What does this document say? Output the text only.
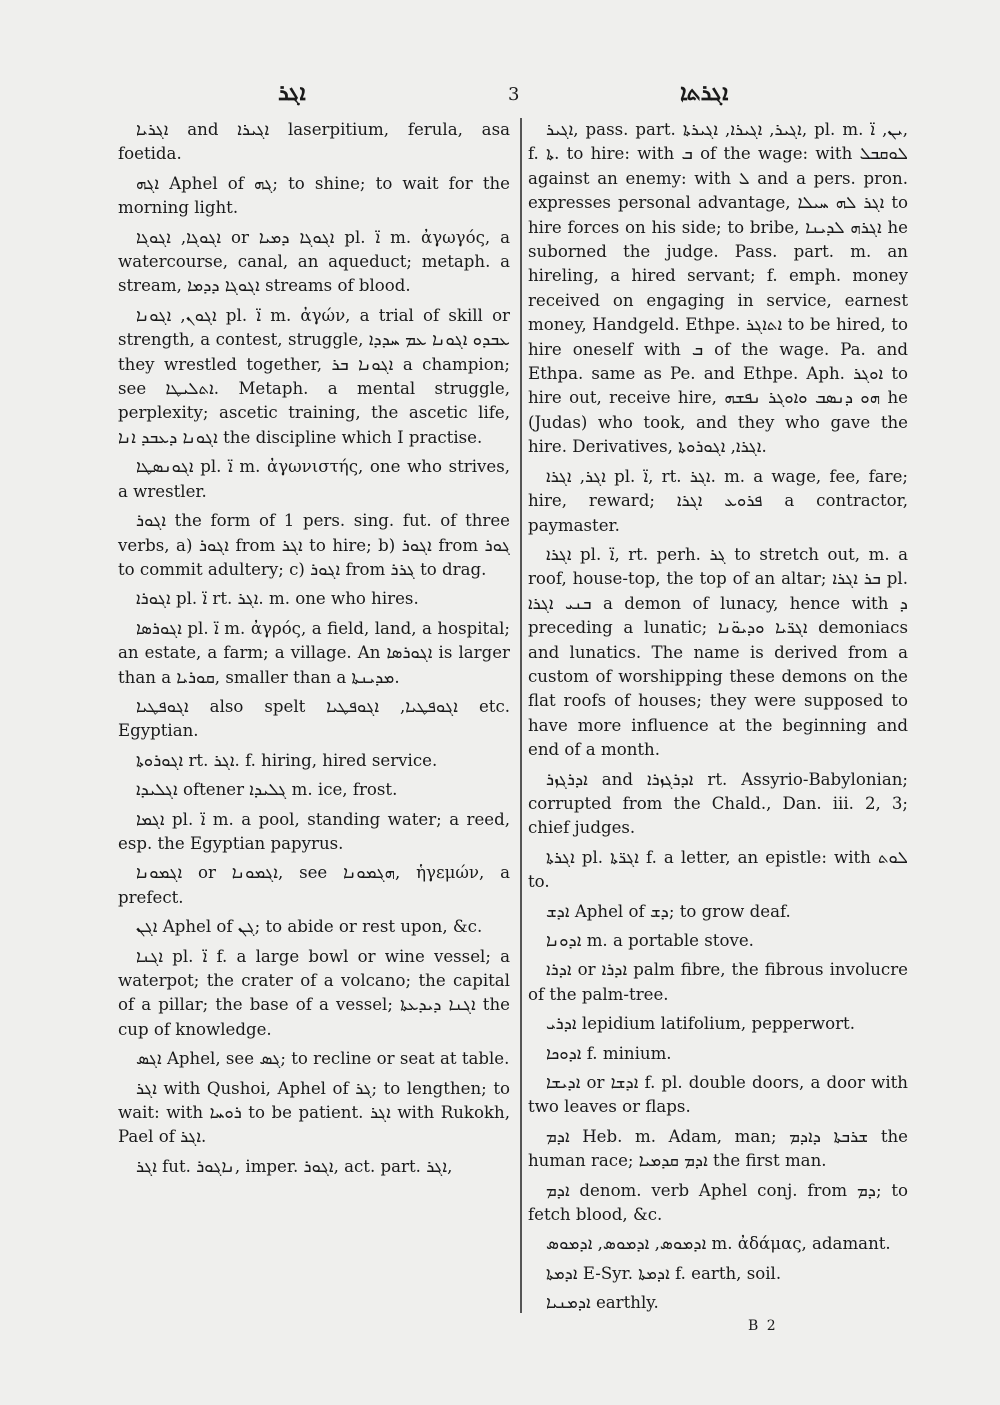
ܐܓܪ	3	ܐܓܪܬܐ

ܐܓܪܝܐ and ܐܓܝܪܐ laserpitium, ferula, asa foetida.

ܐܓܗ Aphel of ܓܗ; to shine; to wait for the morning light.

ܐܓܘܓܐ, ܐܓܘܓܐ or ܐܓܘܓܐ ܕܡܝܐ pl. ܐ̈ m. ἀγωγός, a watercourse, canal, an aqueduct; metaph. a stream, ܐܓܘܓܐ ܕܕܡܐ streams of blood.

ܐܓܘܢ, ܐܓܘܢܐ pl. ܐ̈ m. ἀγών, a trial of skill or strength, a contest, struggle, ܥܒܕܘ ܐܓܘܢܐ ܥܡ ܚܕܕܐ they wrestled together, ܐܓܘܢܐ ܒܪ a champion; see ܐܬܠܝܛܐ. Metaph. a mental struggle, perplexity; ascetic training, the ascetic life, ܐܓܘܢܐ ܕܥܒܕ ܐܢܐ the discipline which I practise.

ܐܓܘܢܣܛܐ pl. ܐ̈ m. ἀγωνιστής, one who strives, a wrestler.

ܐܓܘܪ the form of 1 pers. sing. fut. of three verbs, a) ܐܓܘܪ from ܐܓܪ to hire; b) ܐܓܘܪ from ܓܘܪ to commit adultery; c) ܐܓܘܪ from ܓܪܪ to drag.

ܐܓܘܪܐ pl. ܐ̈ rt. ܐܓܪ. m. one who hires.

ܐܓܘܪܣܐ pl. ܐ̈ m. ἀγρός, a field, land, a hospital; an estate, a farm; a village. An ܐܓܘܪܣܐ is larger than a ܩܘܪܝܐ, smaller than a ܡܕܝܢܬܐ.

ܐܓܘܦܛܝܐ also spelt ܐܓܘܦܛܝܐ, ܐܓܘܦܛܝܐ etc. Egyptian.

ܐܓܘܪܘܬܐ rt. ܐܓܪ. f. hiring, hired service.

ܐܓܠܝܕܐ oftener ܓܠܝܕܐ m. ice, frost.

ܐܓܡܐ pl. ܐ̈ m. a pool, standing water; a reed, esp. the Egyptian papyrus.

ܐܓܡܘܢܐ or ܐܓܡܘܢܐ, see ܗܓܡܘܢܐ, ἡγεμών, a prefect.

ܐܓܢ Aphel of ܓܢ; to abide or rest upon, &c.

ܐܓܢܐ pl. ܐ̈ f. a large bowl or wine vessel; a waterpot; the crater of a volcano; the capital of a pillar; the base of a vessel; ܐܓܢܐ ܕܝܕܥܬܐ the cup of knowledge.

ܐܓܣ Aphel, see ܓܣ; to recline or seat at table.

ܐܓܪ with Qushoi, Aphel of ܓܪ; to lengthen; to wait: with ܪܘܚܐ to be patient. ܐܓܪ with Rukokh, Pael of ܐܓܪ.

ܐܓܪ fut. ܢܐܓܘܪ, imper. ܐܓܘܪ, act. part. ܐܓܪ,

ܐܓܝܪ, pass. part. ܐܓܝܪ, ܐܓܝܪܐ, ܐܓܝܪܬܐ, pl. m. ܝܢ, ܐ̈, f. ܬܐ. to hire: with ܒ of the wage: with ܠܘܩܒܠ against an enemy: with ܠ and a pers. pron. expresses personal advantage, ܐܓܪ ܠܗ ܚܝܠܐ to hire forces on his side; to bribe, ܐܓܪܗ ܠܕܝܢܐ he suborned the judge. Pass. part. m. an hireling, a hired servant; f. emph. money received on engaging in service, earnest money, Handgeld. Ethpe. ܐܬܐܓܪ to be hired, to hire oneself with ܒ of the wage. Pa. and Ethpa. same as Pe. and Ethpe. Aph. ܐܘܓܪ to hire out, receive hire, ܗܘ ܕܢܣܒ ܘܐܘܓܪ ܢܦܫܗ he (Judas) who took, and they who gave the hire. Derivatives, ܐܓܪܐ, ܐܓܘܪܘܬܐ.

ܐܓܪ, ܐܓܪܐ pl. ܐ̈, rt. ܐܓܪ. m. a wage, fee, fare; hire, reward; ܦܪܘܥ ܐܓܪܐ a contractor, paymaster.

ܐܓܪܐ pl. ܐ̈, rt. perh. ܓܪ to stretch out, m. a roof, house-top, the top of an altar; ܒܪ ܐܓܪܐ pl. ܒܢܝ ܐܓܪܐ a demon of lunacy, hence with ܕ preceding a lunatic; ܐܓܪ̈ܝܐ ܘܕܝܘ̈ܢܐ demoniacs and lunatics. The name is derived from a custom of worshipping these demons on the flat roofs of houses; they were supposed to have more influence at the beginning and end of a month.

ܐܕܪܓܙܪ and ܐܕܪܓܙܪܐ rt. Assyrio-Babylonian; corrupted from the Chald., Dan. iii. 2, 3; chief judges.

ܐܓܪܬܐ pl. ܐܓܪ̈ܬܐ f. a letter, an epistle: with ܠܘܬ to.

ܐܕܫ Aphel of ܕܫ; to grow deaf.

ܐܕܘܢܐ m. a portable stove.

ܐܕܪܐ or ܐܕܪܐ palm fibre, the fibrous involucre of the palm-tree.

ܐܕܪܝ lepidium latifolium, pepperwort.

ܐܕܘܟܐ f. minium.

ܐܕܝܫܐ or ܐܕܫܐ f. pl. double doors, a door with two leaves or flaps.

ܐܕܡ Heb. m. Adam, man; ܫܪܒܬܐ ܕܐܕܡ the human race; ܐܕܡ ܩܕܡܝܐ the first man.

ܐܕܡ denom. verb Aphel conj. from ܕܡ; to fetch blood, &c.

ܐܕܡܘܣ, ܐܕܡܘܣ, ܐܕܡܘܣ m. ἀδάμας, adamant.

ܐܕܡܬܐ E-Syr. ܐܕܡܬܐ f. earth, soil.

ܐܕܡܢܝܐ earthly.

B 2
